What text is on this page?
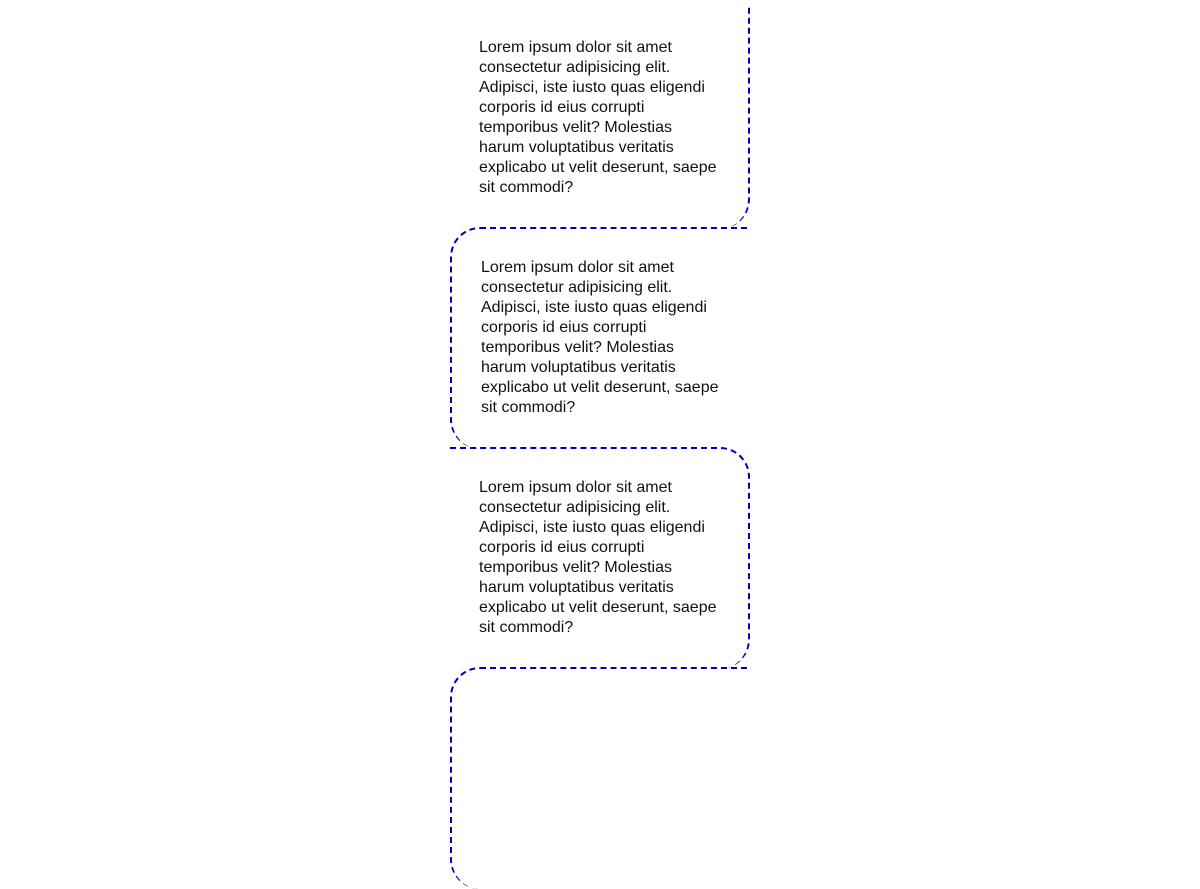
Lorem ipsum dolor sit amet consectetur adipisicing elit. Adipisci, iste iusto quas eligendi corporis id eius corrupti temporibus velit? Molestias harum voluptatibus veritatis explicabo ut velit deserunt, saepe sit commodi?

Lorem ipsum dolor sit amet consectetur adipisicing elit. Adipisci, iste iusto quas eligendi corporis id eius corrupti temporibus velit? Molestias harum voluptatibus veritatis explicabo ut velit deserunt, saepe sit commodi?

Lorem ipsum dolor sit amet consectetur adipisicing elit. Adipisci, iste iusto quas eligendi corporis id eius corrupti temporibus velit? Molestias harum voluptatibus veritatis explicabo ut velit deserunt, saepe sit commodi?
